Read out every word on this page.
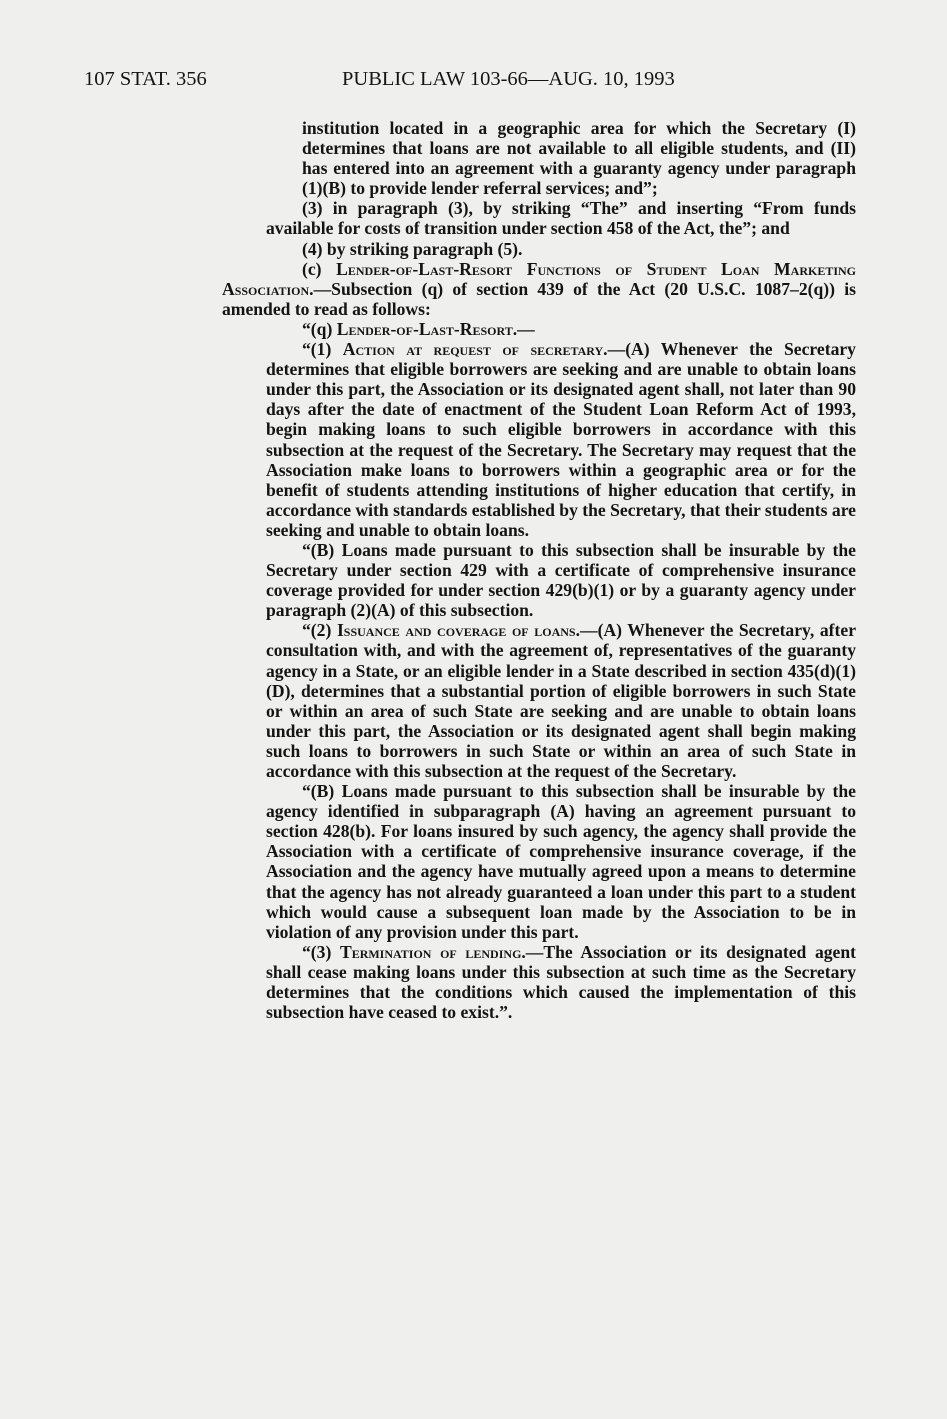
107 STAT. 356	PUBLIC LAW 103-66—AUG. 10, 1993

institution located in a geographic area for which the Secretary (I) determines that loans are not available to all eligible students, and (II) has entered into an agreement with a guaranty agency under paragraph (1)(B) to provide lender referral services; and”;

(3) in paragraph (3), by striking “The” and inserting “From funds available for costs of transition under section 458 of the Act, the”; and

(4) by striking paragraph (5).

(c) Lender-of-Last-Resort Functions of Student Loan Marketing Association.—Subsection (q) of section 439 of the Act (20 U.S.C. 1087–2(q)) is amended to read as follows:

“(q) Lender-of-Last-Resort.—

“(1) Action at request of secretary.—(A) Whenever the Secretary determines that eligible borrowers are seeking and are unable to obtain loans under this part, the Association or its designated agent shall, not later than 90 days after the date of enactment of the Student Loan Reform Act of 1993, begin making loans to such eligible borrowers in accordance with this subsection at the request of the Secretary. The Secretary may request that the Association make loans to borrowers within a geographic area or for the benefit of students attending institutions of higher education that certify, in accordance with standards established by the Secretary, that their students are seeking and unable to obtain loans.

“(B) Loans made pursuant to this subsection shall be insurable by the Secretary under section 429 with a certificate of comprehensive insurance coverage provided for under section 429(b)(1) or by a guaranty agency under paragraph (2)(A) of this subsection.

“(2) Issuance and coverage of loans.—(A) Whenever the Secretary, after consultation with, and with the agreement of, representatives of the guaranty agency in a State, or an eligible lender in a State described in section 435(d)(1)(D), determines that a substantial portion of eligible borrowers in such State or within an area of such State are seeking and are unable to obtain loans under this part, the Association or its designated agent shall begin making such loans to borrowers in such State or within an area of such State in accordance with this subsection at the request of the Secretary.

“(B) Loans made pursuant to this subsection shall be insurable by the agency identified in subparagraph (A) having an agreement pursuant to section 428(b). For loans insured by such agency, the agency shall provide the Association with a certificate of comprehensive insurance coverage, if the Association and the agency have mutually agreed upon a means to determine that the agency has not already guaranteed a loan under this part to a student which would cause a subsequent loan made by the Association to be in violation of any provision under this part.

“(3) Termination of lending.—The Association or its designated agent shall cease making loans under this subsection at such time as the Secretary determines that the conditions which caused the implementation of this subsection have ceased to exist.”.
